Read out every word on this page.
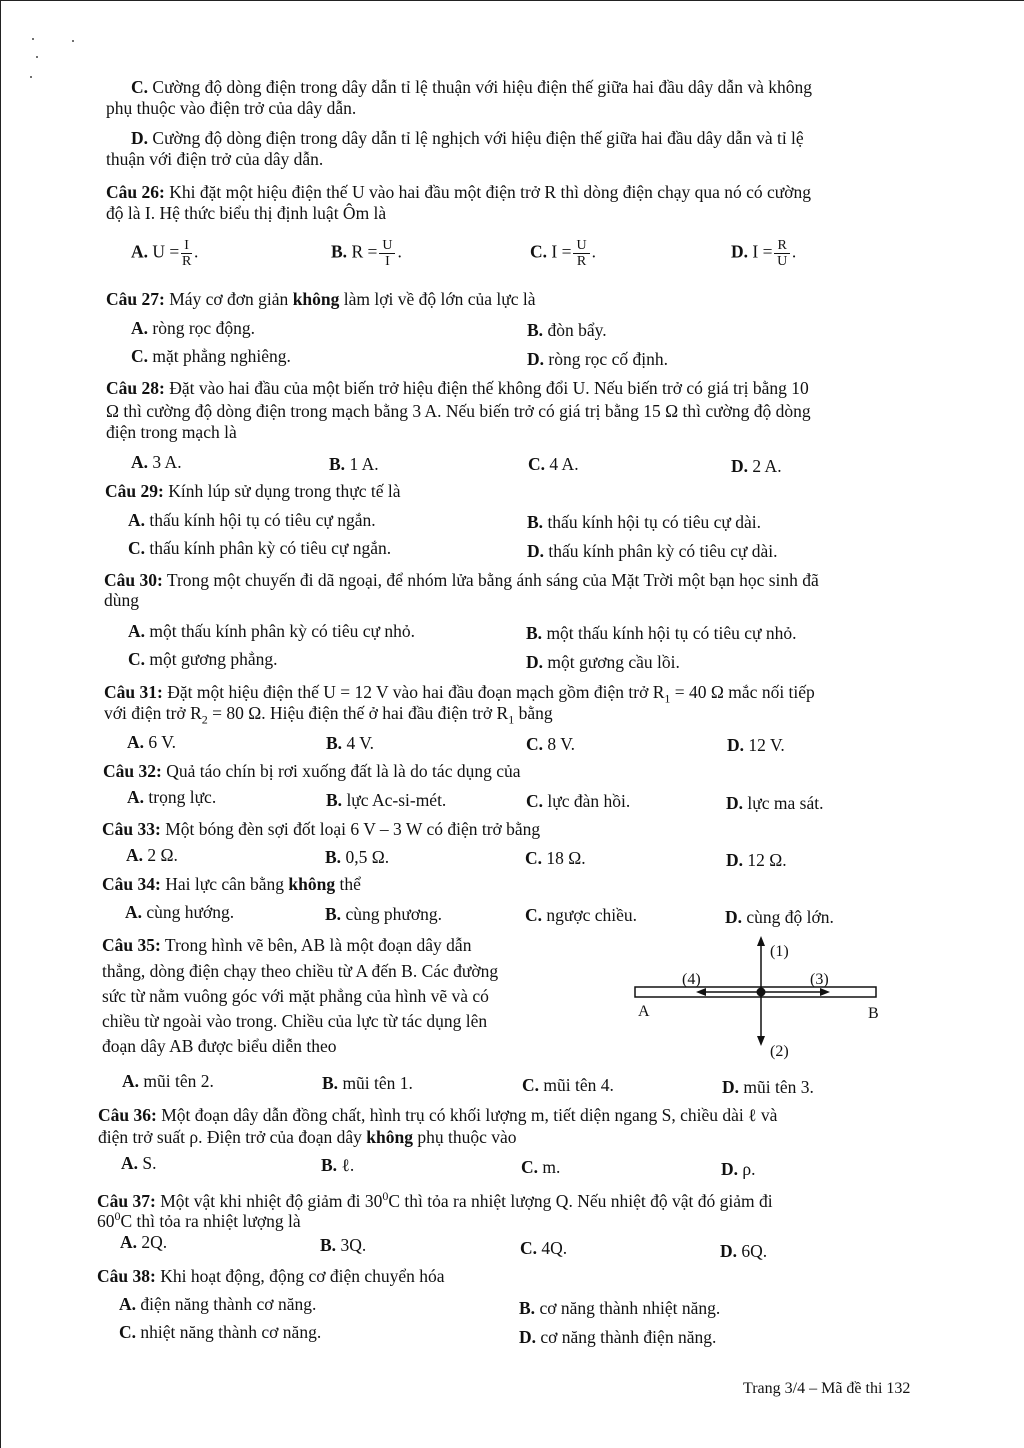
C. Cường độ dòng điện trong dây dẫn tỉ lệ thuận với hiệu điện thế giữa hai đầu dây dẫn và không
phụ thuộc vào điện trở của dây dẫn.
D. Cường độ dòng điện trong dây dẫn tỉ lệ nghịch với hiệu điện thế giữa hai đầu dây dẫn và tỉ lệ
thuận với điện trở của dây dẫn.
Câu 26: Khi đặt một hiệu điện thế U vào hai đầu một điện trở R thì dòng điện chạy qua nó có cường
độ là I. Hệ thức biểu thị định luật Ôm là
A. $U = \frac{I}{R}$ .	B. $R = \frac{U}{I}$ .	C. $I = \frac{U}{R}$ .	D. $I = \frac{R}{U}$ .
Câu 27: Máy cơ đơn giản không làm lợi về độ lớn của lực là
A. ròng rọc động.	B. đòn bẩy.
C. mặt phẳng nghiêng.	D. ròng rọc cố định.
Câu 28: Đặt vào hai đầu của một biến trở hiệu điện thế không đổi U. Nếu biến trở có giá trị bằng 10
Ω thì cường độ dòng điện trong mạch bằng 3 A. Nếu biến trở có giá trị bằng 15 Ω thì cường độ dòng
điện trong mạch là
A. 3 A.	B. 1 A.	C. 4 A.	D. 2 A.
Câu 29: Kính lúp sử dụng trong thực tế là
A. thấu kính hội tụ có tiêu cự ngắn.	B. thấu kính hội tụ có tiêu cự dài.
C. thấu kính phân kỳ có tiêu cự ngắn.	D. thấu kính phân kỳ có tiêu cự dài.
Câu 30: Trong một chuyến đi dã ngoại, để nhóm lửa bằng ánh sáng của Mặt Trời một bạn học sinh đã
dùng
A. một thấu kính phân kỳ có tiêu cự nhỏ.	B. một thấu kính hội tụ có tiêu cự nhỏ.
C. một gương phẳng.	D. một gương cầu lồi.
Câu 31: Đặt một hiệu điện thế U = 12 V vào hai đầu đoạn mạch gồm điện trở $R_1 = 40$ Ω mắc nối tiếp
với điện trở $R_2 = 80$ Ω. Hiệu điện thế ở hai đầu điện trở $R_1$ bằng
A. 6 V.	B. 4 V.	C. 8 V.	D. 12 V.
Câu 32: Quả táo chín bị rơi xuống đất là là do tác dụng của
A. trọng lực.	B. lực Ac-si-mét.	C. lực đàn hồi.	D. lực ma sát.
Câu 33: Một bóng đèn sợi đốt loại 6 V – 3 W có điện trở bằng
A. 2 Ω.	B. 0,5 Ω.	C. 18 Ω.	D. 12 Ω.
Câu 34: Hai lực cân bằng không thể
A. cùng hướng.	B. cùng phương.	C. ngược chiều.	D. cùng độ lớn.
Câu 35: Trong hình vẽ bên, AB là một đoạn dây dẫn
thẳng, dòng điện chạy theo chiều từ A đến B. Các đường
sức từ nằm vuông góc với mặt phẳng của hình vẽ và có
chiều từ ngoài vào trong. Chiều của lực từ tác dụng lên
đoạn dây AB được biểu diễn theo
(1)
(2)
(4)	(3)
A	B
A. mũi tên 2.	B. mũi tên 1.	C. mũi tên 4.	D. mũi tên 3.
Câu 36: Một đoạn dây dẫn đồng chất, hình trụ có khối lượng m, tiết diện ngang S, chiều dài ℓ và
điện trở suất ρ. Điện trở của đoạn dây không phụ thuộc vào
A. S.	B. ℓ.	C. m.	D. ρ.
Câu 37: Một vật khi nhiệt độ giảm đi $30^0C$ thì tỏa ra nhiệt lượng Q. Nếu nhiệt độ vật đó giảm đi
$60^0C$ thì tỏa ra nhiệt lượng là
A. 2Q.	B. 3Q.	C. 4Q.	D. 6Q.
Câu 38: Khi hoạt động, động cơ điện chuyển hóa
A. điện năng thành cơ năng.	B. cơ năng thành nhiệt năng.
C. nhiệt năng thành cơ năng.	D. cơ năng thành điện năng.
Trang 3/4 – Mã đề thi 132
